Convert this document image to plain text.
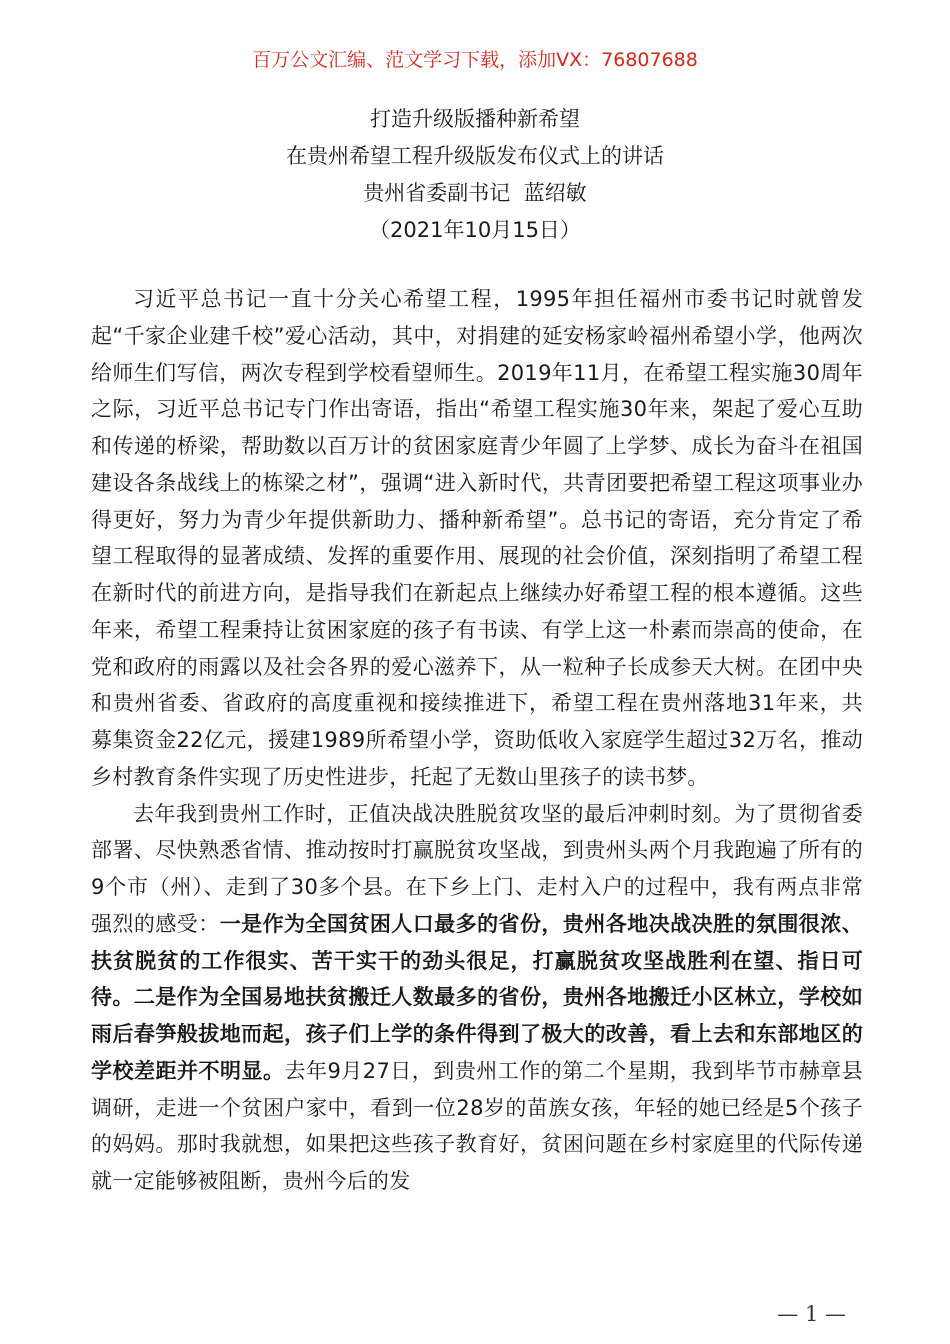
百万公文汇编、范文学习下载，添加VX：76807688
打造升级版播种新希望
在贵州希望工程升级版发布仪式上的讲话
贵州省委副书记  蓝绍敏
（2021年10月15日）

习近平总书记一直十分关心希望工程，1995年担任福州市委书记时就曾发起“千家企业建千校”爱心活动，其中，对捐建的延安杨家岭福州希望小学，他两次给师生们写信，两次专程到学校看望师生。2019年11月，在希望工程实施30周年之际，习近平总书记专门作出寄语，指出“希望工程实施30年来，架起了爱心互助和传递的桥梁，帮助数以百万计的贫困家庭青少年圆了上学梦、成长为奋斗在祖国建设各条战线上的栋梁之材”，强调“进入新时代，共青团要把希望工程这项事业办得更好，努力为青少年提供新助力、播种新希望”。总书记的寄语，充分肯定了希望工程取得的显著成绩、发挥的重要作用、展现的社会价值，深刻指明了希望工程在新时代的前进方向，是指导我们在新起点上继续办好希望工程的根本遵循。这些年来，希望工程秉持让贫困家庭的孩子有书读、有学上这一朴素而崇高的使命，在党和政府的雨露以及社会各界的爱心滋养下，从一粒种子长成参天大树。在团中央和贵州省委、省政府的高度重视和接续推进下，希望工程在贵州落地31年来，共募集资金22亿元，援建1989所希望小学，资助低收入家庭学生超过32万名，推动乡村教育条件实现了历史性进步，托起了无数山里孩子的读书梦。

去年我到贵州工作时，正值决战决胜脱贫攻坚的最后冲刺时刻。为了贯彻省委部署、尽快熟悉省情、推动按时打赢脱贫攻坚战，到贵州头两个月我跑遍了所有的9个市（州）、走到了30多个县。在下乡上门、走村入户的过程中，我有两点非常强烈的感受：一是作为全国贫困人口最多的省份，贵州各地决战决胜的氛围很浓、扶贫脱贫的工作很实、苦干实干的劲头很足，打赢脱贫攻坚战胜利在望、指日可待。二是作为全国易地扶贫搬迁人数最多的省份，贵州各地搬迁小区林立，学校如雨后春笋般拔地而起，孩子们上学的条件得到了极大的改善，看上去和东部地区的学校差距并不明显。去年9月27日，到贵州工作的第二个星期，我到毕节市赫章县调研，走进一个贫困户家中，看到一位28岁的苗族女孩，年轻的她已经是5个孩子的妈妈。那时我就想，如果把这些孩子教育好，贫困问题在乡村家庭里的代际传递就一定能够被阻断，贵州今后的发

— 1 —
